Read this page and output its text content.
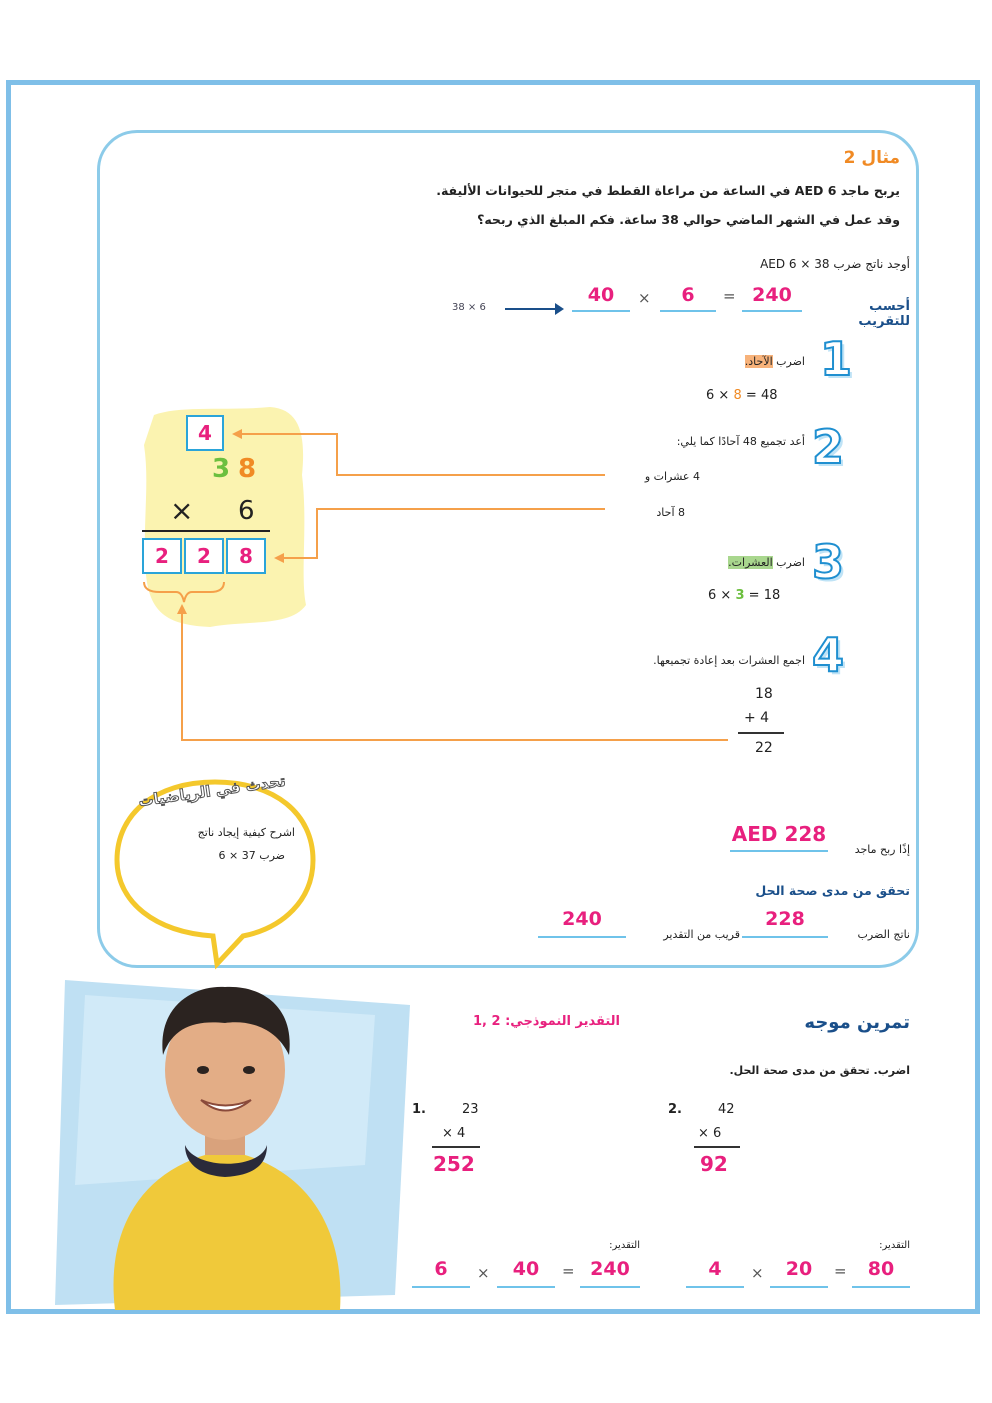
مثال 2
يربح ماجد 6 AED في الساعة من مراعاة القطط في متجر للحيوانات الأليفة.
وقد عمل في الشهر الماضي حوالي 38 ساعة. فكم المبلغ الذي ربحه؟
أوجد ناتج ضرب AED 6 × 38
أحسب للتقريب
38 × 6
40	×	6	= 240
1
اضرب الآحاد.
6 × 8 = 48
2
أعد تجميع 48 آحادًا كما يلي:
4 عشرات و
8 آحاد
3
اضرب العشرات.
6 × 3 = 18
4
اجمع العشرات بعد إعادة تجميعها.
18
+ 4
22
4
3 8
× 6
2	2	8
إذًا ربح ماجد
AED 228
تحقق من مدى صحة الحل
ناتج الضرب
228
قريب من التقدير
240
تحدث في الرياضيات
اشرح كيفية إيجاد ناتج
ضرب 37 × 6
تمرين موجه
التقدير النموذجي: 2 ,1
اضرب. تحقق من مدى صحة الحل.
1.	23
× 4
252
2.	42
× 6
92
التقدير:
6	×	40	= 240
التقدير:
4	×	20	=	80
